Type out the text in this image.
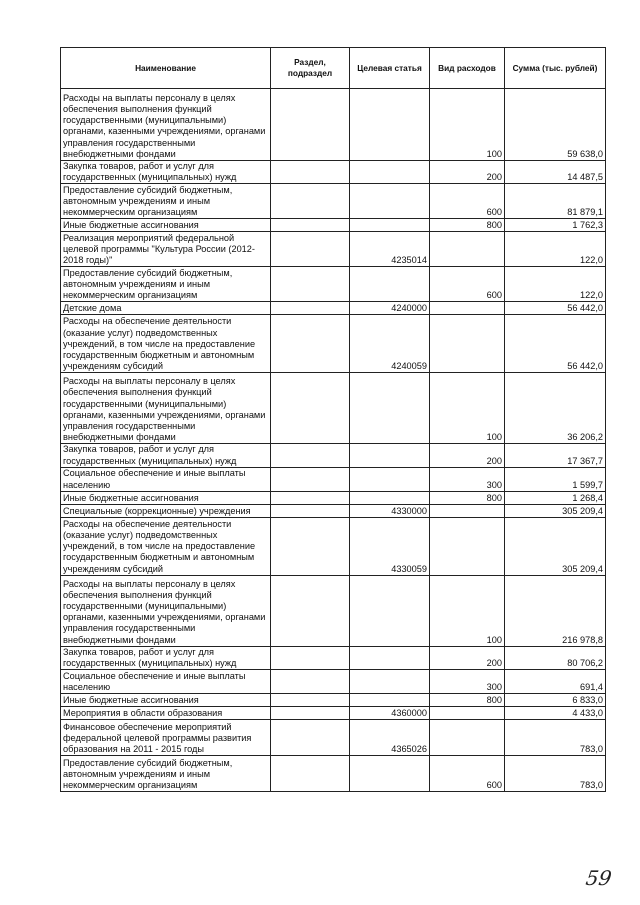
Наименование	Раздел, подраздел	Целевая статья	Вид расходов	Сумма (тыс. рублей)
Расходы на выплаты персоналу в целях обеспечения выполнения функций государственными (муниципальными) органами, казенными учреждениями, органами управления государственными внебюджетными фондами			100	59 638,0
Закупка товаров, работ и услуг для государственных (муниципальных) нужд			200	14 487,5
Предоставление субсидий бюджетным, автономным учреждениям и иным некоммерческим организациям			600	81 879,1
Иные бюджетные ассигнования			800	1 762,3
Реализация мероприятий федеральной целевой программы "Культура России (2012-2018 годы)"		4235014		122,0
Предоставление субсидий бюджетным, автономным учреждениям и иным некоммерческим организациям			600	122,0
Детские дома		4240000		56 442,0
Расходы на обеспечение деятельности (оказание услуг) подведомственных учреждений, в том числе на предоставление государственным бюджетным и автономным учреждениям субсидий		4240059		56 442,0
Расходы на выплаты персоналу в целях обеспечения выполнения функций государственными (муниципальными) органами, казенными учреждениями, органами управления государственными внебюджетными фондами			100	36 206,2
Закупка товаров, работ и услуг для государственных (муниципальных) нужд			200	17 367,7
Социальное обеспечение и иные выплаты населению			300	1 599,7
Иные бюджетные ассигнования			800	1 268,4
Специальные (коррекционные) учреждения		4330000		305 209,4
Расходы на обеспечение деятельности (оказание услуг) подведомственных учреждений, в том числе на предоставление государственным бюджетным и автономным учреждениям субсидий		4330059		305 209,4
Расходы на выплаты персоналу в целях обеспечения выполнения функций государственными (муниципальными) органами, казенными учреждениями, органами управления государственными внебюджетными фондами			100	216 978,8
Закупка товаров, работ и услуг для государственных (муниципальных) нужд			200	80 706,2
Социальное обеспечение и иные выплаты населению			300	691,4
Иные бюджетные ассигнования			800	6 833,0
Мероприятия в области образования		4360000		4 433,0
Финансовое обеспечение мероприятий федеральной целевой программы развития образования на 2011 - 2015 годы		4365026		783,0
Предоставление субсидий бюджетным, автономным учреждениям и иным некоммерческим организациям			600	783,0
59
